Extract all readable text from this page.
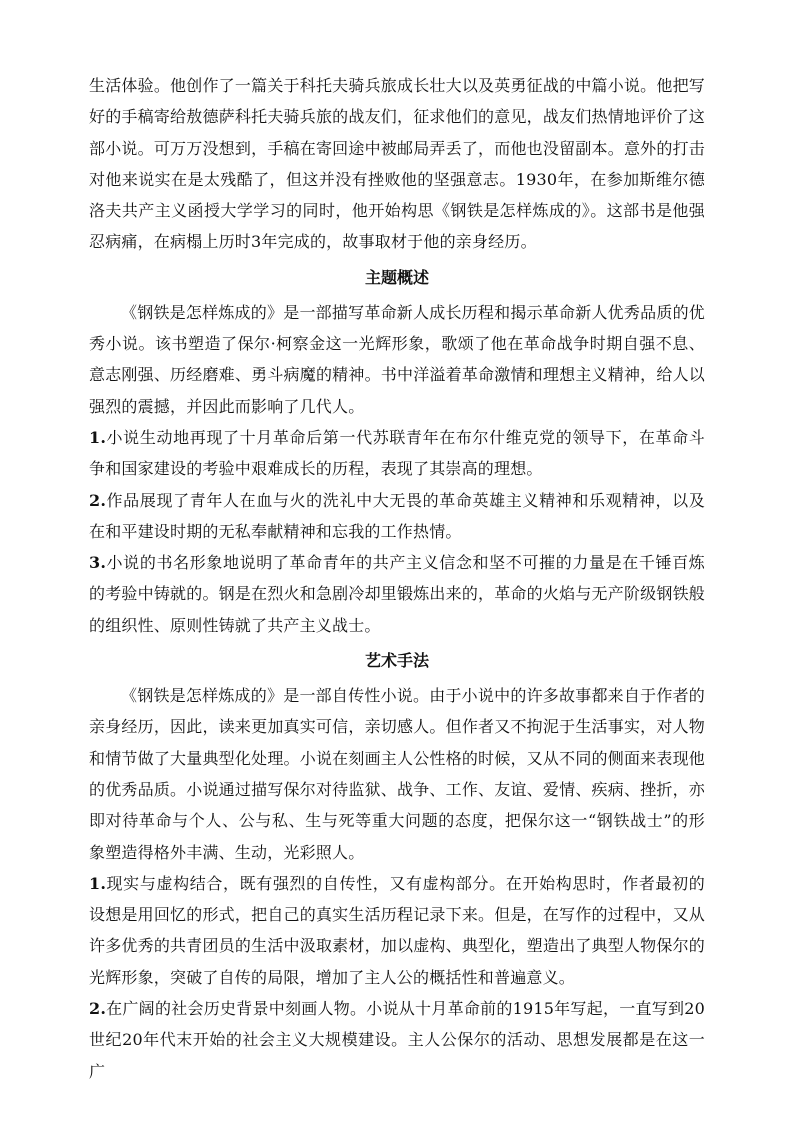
生活体验。他创作了一篇关于科托夫骑兵旅成长壮大以及英勇征战的中篇小说。他把写好的手稿寄给敖德萨科托夫骑兵旅的战友们，征求他们的意见，战友们热情地评价了这部小说。可万万没想到，手稿在寄回途中被邮局弄丢了，而他也没留副本。意外的打击对他来说实在是太残酷了，但这并没有挫败他的坚强意志。1930年，在参加斯维尔德洛夫共产主义函授大学学习的同时，他开始构思《钢铁是怎样炼成的》。这部书是他强忍病痛，在病榻上历时3年完成的，故事取材于他的亲身经历。

主题概述

《钢铁是怎样炼成的》是一部描写革命新人成长历程和揭示革命新人优秀品质的优秀小说。该书塑造了保尔·柯察金这一光辉形象，歌颂了他在革命战争时期自强不息、意志刚强、历经磨难、勇斗病魔的精神。书中洋溢着革命激情和理想主义精神，给人以强烈的震撼，并因此而影响了几代人。

1.小说生动地再现了十月革命后第一代苏联青年在布尔什维克党的领导下，在革命斗争和国家建设的考验中艰难成长的历程，表现了其崇高的理想。

2.作品展现了青年人在血与火的洗礼中大无畏的革命英雄主义精神和乐观精神，以及在和平建设时期的无私奉献精神和忘我的工作热情。

3.小说的书名形象地说明了革命青年的共产主义信念和坚不可摧的力量是在千锤百炼的考验中铸就的。钢是在烈火和急剧冷却里锻炼出来的，革命的火焰与无产阶级钢铁般的组织性、原则性铸就了共产主义战士。

艺术手法

《钢铁是怎样炼成的》是一部自传性小说。由于小说中的许多故事都来自于作者的亲身经历，因此，读来更加真实可信，亲切感人。但作者又不拘泥于生活事实，对人物和情节做了大量典型化处理。小说在刻画主人公性格的时候，又从不同的侧面来表现他的优秀品质。小说通过描写保尔对待监狱、战争、工作、友谊、爱情、疾病、挫折，亦即对待革命与个人、公与私、生与死等重大问题的态度，把保尔这一“钢铁战士”的形象塑造得格外丰满、生动，光彩照人。

1.现实与虚构结合，既有强烈的自传性，又有虚构部分。在开始构思时，作者最初的设想是用回忆的形式，把自己的真实生活历程记录下来。但是，在写作的过程中，又从许多优秀的共青团员的生活中汲取素材，加以虚构、典型化，塑造出了典型人物保尔的光辉形象，突破了自传的局限，增加了主人公的概括性和普遍意义。

2.在广阔的社会历史背景中刻画人物。小说从十月革命前的1915年写起，一直写到20世纪20年代末开始的社会主义大规模建设。主人公保尔的活动、思想发展都是在这一广
